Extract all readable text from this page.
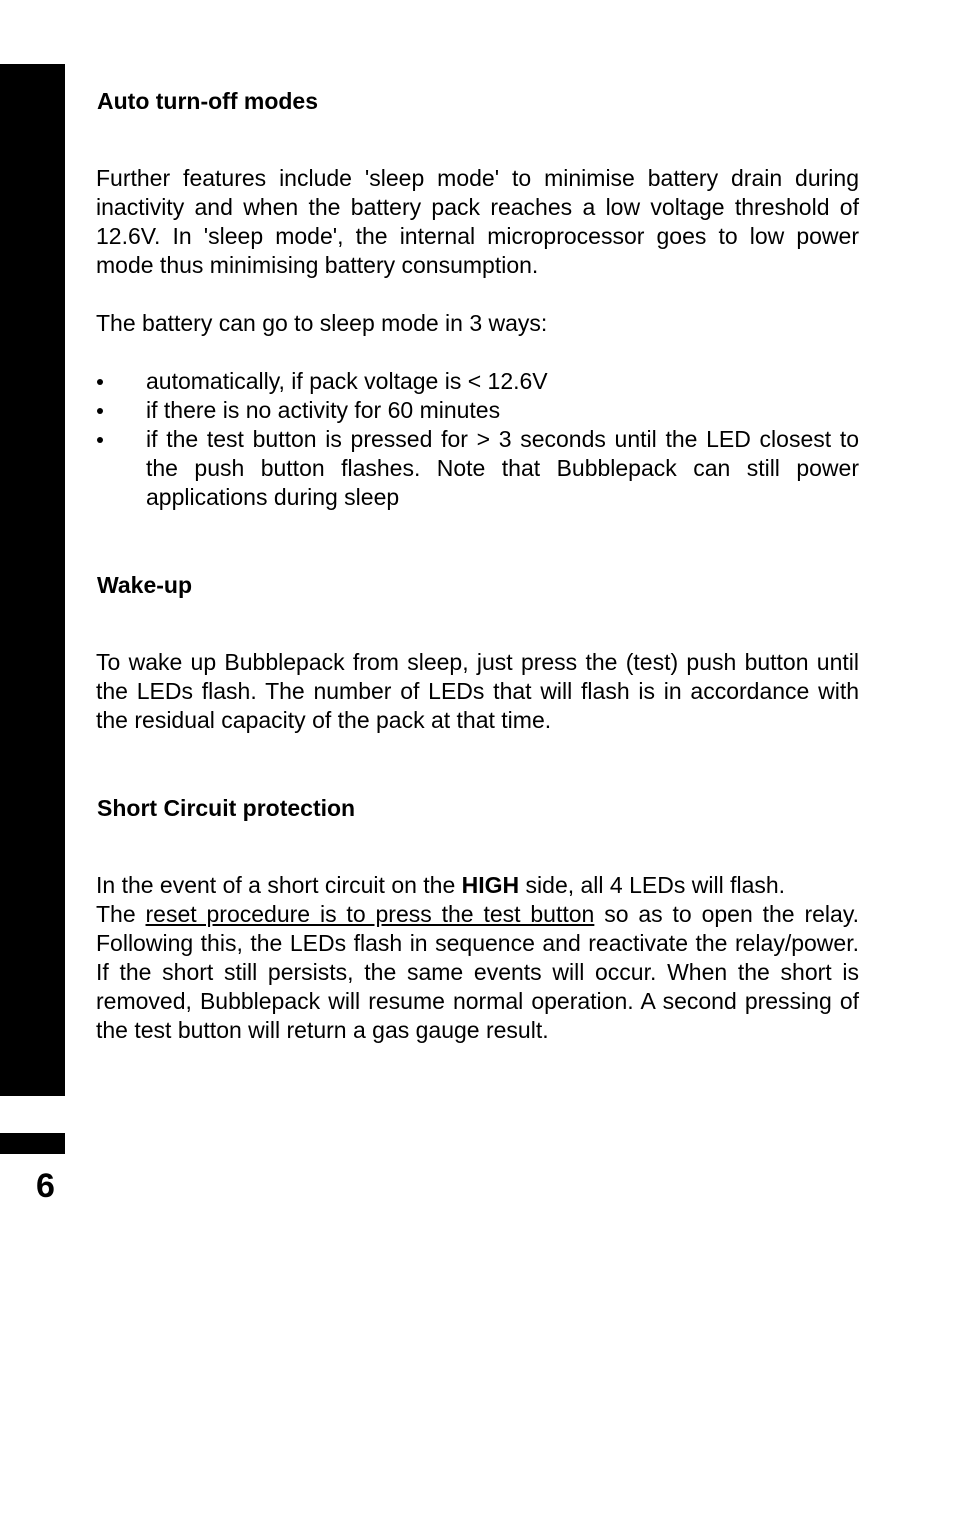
6
Auto turn-off modes
Further features include 'sleep mode' to minimise battery drain during inactivity and when the battery pack reaches a low voltage threshold of 12.6V. In 'sleep mode', the internal microprocessor goes to low power mode thus minimising battery consumption.
The battery can go to sleep mode in 3 ways:
automatically, if pack voltage is < 12.6V
if there is no activity for 60 minutes
if the test button is pressed for > 3 seconds until the LED closest to the push button flashes. Note that Bubblepack can still power applications during sleep
Wake-up
To wake up Bubblepack from sleep, just press the (test) push button until the LEDs flash. The number of LEDs that will flash is in accordance with the residual capacity of the pack at that time.
Short Circuit protection
In the event of a short circuit on the HIGH side, all 4 LEDs will flash.
The reset procedure is to press the test button so as to open the relay. Following this, the LEDs flash in sequence and reactivate the relay/power. If the short still persists, the same events will occur. When the short is removed, Bubblepack will resume normal operation. A second pressing of the test button will return a gas gauge result.
